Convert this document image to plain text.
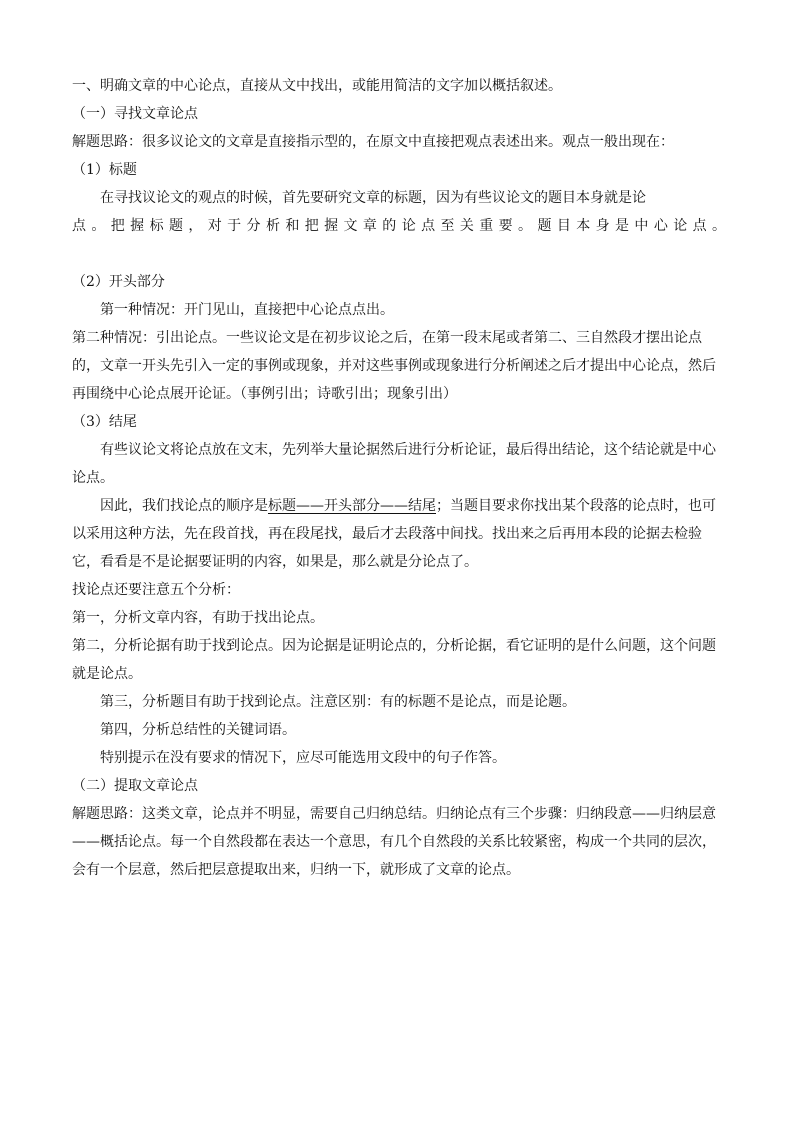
一、明确文章的中心论点，直接从文中找出，或能用简洁的文字加以概括叙述。

（一）寻找文章论点

解题思路：很多议论文的文章是直接指示型的，在原文中直接把观点表述出来。观点一般出现在：

（1）标题

在寻找议论文的观点的时候，首先要研究文章的标题，因为有些议论文的题目本身就是论

点。把握标题，对于分析和把握文章的论点至关重要。题目本身是中心论点。

（2）开头部分

第一种情况：开门见山，直接把中心论点点出。

第二种情况：引出论点。一些议论文是在初步议论之后，在第一段末尾或者第二、三自然段才摆出论点的，文章一开头先引入一定的事例或现象，并对这些事例或现象进行分析阐述之后才提出中心论点，然后再围绕中心论点展开论证。（事例引出；诗歌引出；现象引出）

（3）结尾

有些议论文将论点放在文末，先列举大量论据然后进行分析论证，最后得出结论，这个结论就是中心论点。

因此，我们找论点的顺序是标题——开头部分——结尾；当题目要求你找出某个段落的论点时，也可以采用这种方法，先在段首找，再在段尾找，最后才去段落中间找。找出来之后再用本段的论据去检验它，看看是不是论据要证明的内容，如果是，那么就是分论点了。

找论点还要注意五个分析：

第一，分析文章内容，有助于找出论点。

第二，分析论据有助于找到论点。因为论据是证明论点的，分析论据，看它证明的是什么问题，这个问题就是论点。

第三，分析题目有助于找到论点。注意区别：有的标题不是论点，而是论题。

第四，分析总结性的关键词语。

特别提示在没有要求的情况下，应尽可能选用文段中的句子作答。

（二）提取文章论点

解题思路：这类文章，论点并不明显，需要自己归纳总结。归纳论点有三个步骤：归纳段意——归纳层意——概括论点。每一个自然段都在表达一个意思，有几个自然段的关系比较紧密，构成一个共同的层次，会有一个层意，然后把层意提取出来，归纳一下，就形成了文章的论点。
